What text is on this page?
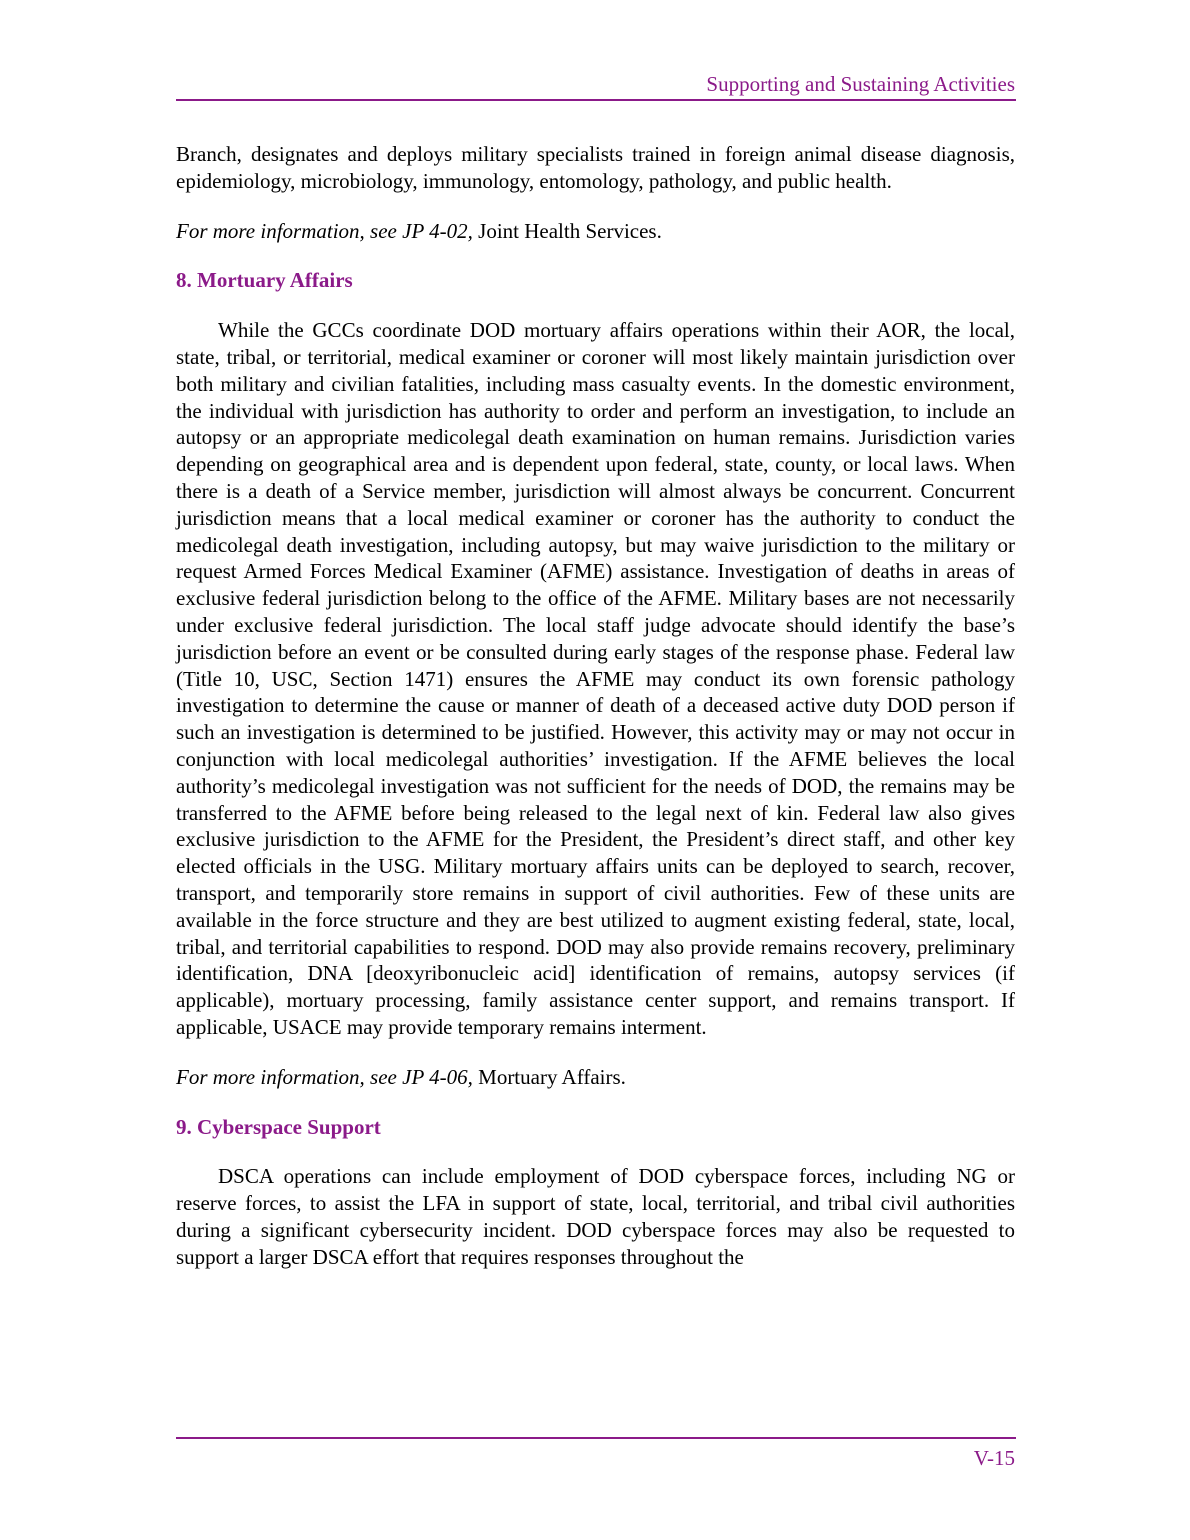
Supporting and Sustaining Activities

Branch, designates and deploys military specialists trained in foreign animal disease diagnosis, epidemiology, microbiology, immunology, entomology, pathology, and public health.

For more information, see JP 4-02, Joint Health Services.

8. Mortuary Affairs

While the GCCs coordinate DOD mortuary affairs operations within their AOR, the local, state, tribal, or territorial, medical examiner or coroner will most likely maintain jurisdiction over both military and civilian fatalities, including mass casualty events. In the domestic environment, the individual with jurisdiction has authority to order and perform an investigation, to include an autopsy or an appropriate medicolegal death examination on human remains. Jurisdiction varies depending on geographical area and is dependent upon federal, state, county, or local laws. When there is a death of a Service member, jurisdiction will almost always be concurrent. Concurrent jurisdiction means that a local medical examiner or coroner has the authority to conduct the medicolegal death investigation, including autopsy, but may waive jurisdiction to the military or request Armed Forces Medical Examiner (AFME) assistance. Investigation of deaths in areas of exclusive federal jurisdiction belong to the office of the AFME. Military bases are not necessarily under exclusive federal jurisdiction. The local staff judge advocate should identify the base’s jurisdiction before an event or be consulted during early stages of the response phase. Federal law (Title 10, USC, Section 1471) ensures the AFME may conduct its own forensic pathology investigation to determine the cause or manner of death of a deceased active duty DOD person if such an investigation is determined to be justified. However, this activity may or may not occur in conjunction with local medicolegal authorities’ investigation. If the AFME believes the local authority’s medicolegal investigation was not sufficient for the needs of DOD, the remains may be transferred to the AFME before being released to the legal next of kin. Federal law also gives exclusive jurisdiction to the AFME for the President, the President’s direct staff, and other key elected officials in the USG. Military mortuary affairs units can be deployed to search, recover, transport, and temporarily store remains in support of civil authorities. Few of these units are available in the force structure and they are best utilized to augment existing federal, state, local, tribal, and territorial capabilities to respond. DOD may also provide remains recovery, preliminary identification, DNA [deoxyribonucleic acid] identification of remains, autopsy services (if applicable), mortuary processing, family assistance center support, and remains transport. If applicable, USACE may provide temporary remains interment.

For more information, see JP 4-06, Mortuary Affairs.

9. Cyberspace Support

DSCA operations can include employment of DOD cyberspace forces, including NG or reserve forces, to assist the LFA in support of state, local, territorial, and tribal civil authorities during a significant cybersecurity incident. DOD cyberspace forces may also be requested to support a larger DSCA effort that requires responses throughout the

V-15
